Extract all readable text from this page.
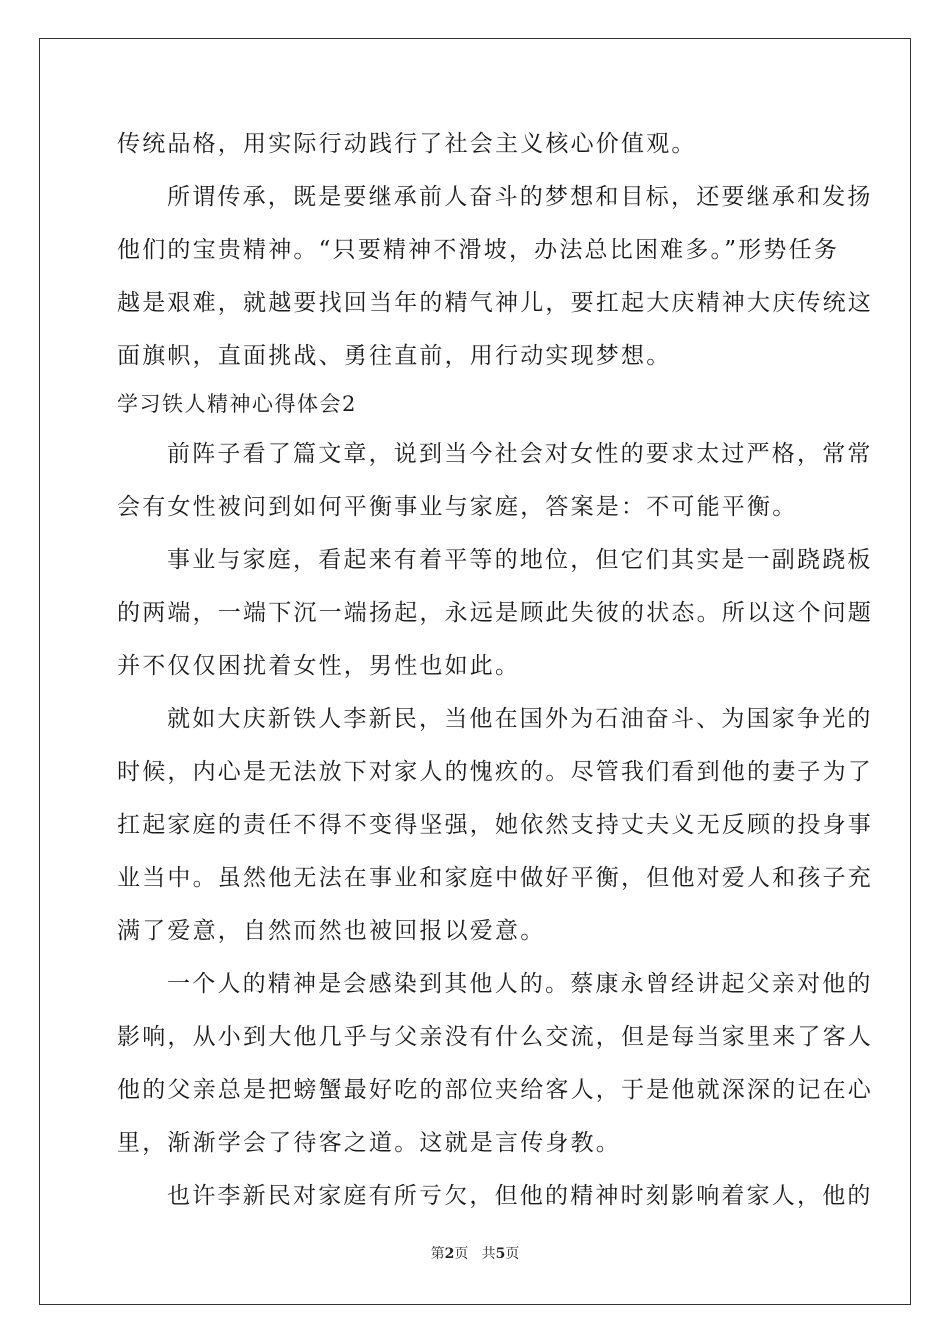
传统品格，用实际行动践行了社会主义核心价值观。
所谓传承，既是要继承前人奋斗的梦想和目标，还要继承和发扬
他们的宝贵精神。“只要精神不滑坡，办法总比困难多。”形势任务
越是艰难，就越要找回当年的精气神儿，要扛起大庆精神大庆传统这
面旗帜，直面挑战、勇往直前，用行动实现梦想。
学习铁人精神心得体会2
前阵子看了篇文章，说到当今社会对女性的要求太过严格，常常
会有女性被问到如何平衡事业与家庭，答案是：不可能平衡。
事业与家庭，看起来有着平等的地位，但它们其实是一副跷跷板
的两端，一端下沉一端扬起，永远是顾此失彼的状态。所以这个问题
并不仅仅困扰着女性，男性也如此。
就如大庆新铁人李新民，当他在国外为石油奋斗、为国家争光的
时候，内心是无法放下对家人的愧疚的。尽管我们看到他的妻子为了
扛起家庭的责任不得不变得坚强，她依然支持丈夫义无反顾的投身事
业当中。虽然他无法在事业和家庭中做好平衡，但他对爱人和孩子充
满了爱意，自然而然也被回报以爱意。
一个人的精神是会感染到其他人的。蔡康永曾经讲起父亲对他的
影响，从小到大他几乎与父亲没有什么交流，但是每当家里来了客人
他的父亲总是把螃蟹最好吃的部位夹给客人，于是他就深深的记在心
里，渐渐学会了待客之道。这就是言传身教。
也许李新民对家庭有所亏欠，但他的精神时刻影响着家人，他的
第2页 共5页
